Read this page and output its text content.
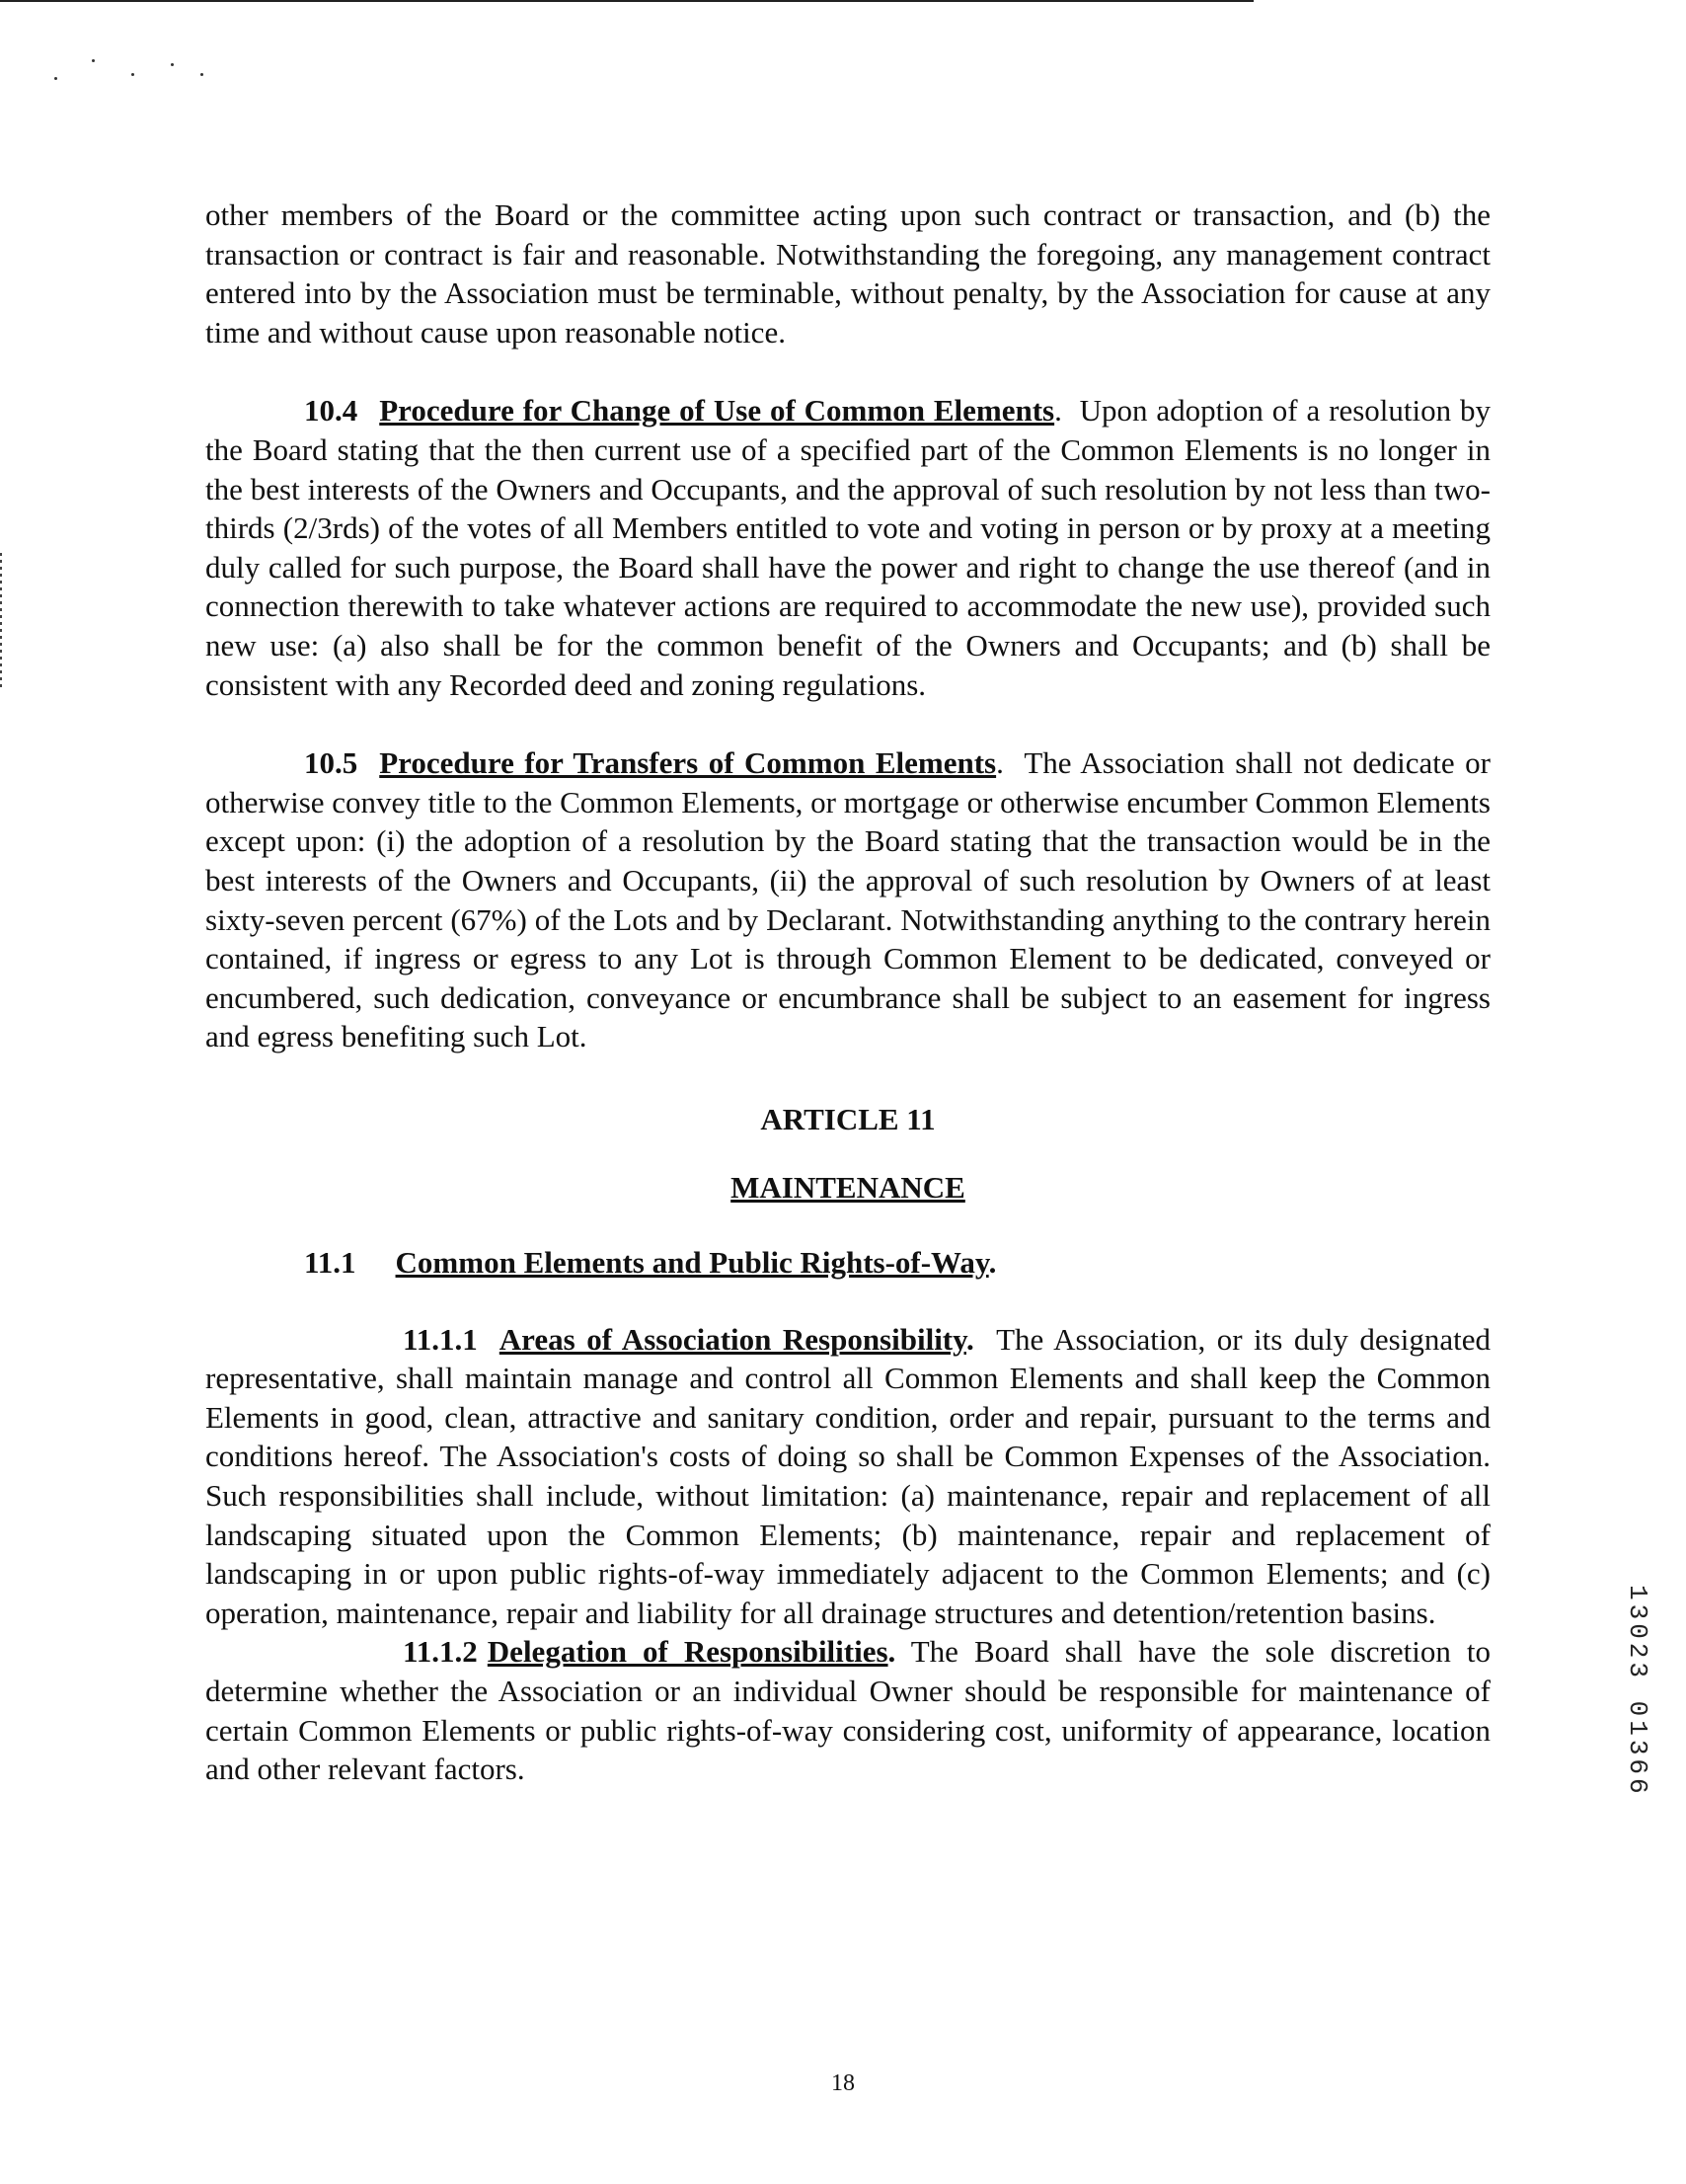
other members of the Board or the committee acting upon such contract or transaction, and (b) the transaction or contract is fair and reasonable. Notwithstanding the foregoing, any management contract entered into by the Association must be terminable, without penalty, by the Association for cause at any time and without cause upon reasonable notice.

10.4 Procedure for Change of Use of Common Elements. Upon adoption of a resolution by the Board stating that the then current use of a specified part of the Common Elements is no longer in the best interests of the Owners and Occupants, and the approval of such resolution by not less than two-thirds (2/3rds) of the votes of all Members entitled to vote and voting in person or by proxy at a meeting duly called for such purpose, the Board shall have the power and right to change the use thereof (and in connection therewith to take whatever actions are required to accommodate the new use), provided such new use: (a) also shall be for the common benefit of the Owners and Occupants; and (b) shall be consistent with any Recorded deed and zoning regulations.

10.5 Procedure for Transfers of Common Elements. The Association shall not dedicate or otherwise convey title to the Common Elements, or mortgage or otherwise encumber Common Elements except upon: (i) the adoption of a resolution by the Board stating that the transaction would be in the best interests of the Owners and Occupants, (ii) the approval of such resolution by Owners of at least sixty-seven percent (67%) of the Lots and by Declarant. Notwithstanding anything to the contrary herein contained, if ingress or egress to any Lot is through Common Element to be dedicated, conveyed or encumbered, such dedication, conveyance or encumbrance shall be subject to an easement for ingress and egress benefiting such Lot.

ARTICLE 11

MAINTENANCE

11.1 Common Elements and Public Rights-of-Way.

11.1.1 Areas of Association Responsibility. The Association, or its duly designated representative, shall maintain manage and control all Common Elements and shall keep the Common Elements in good, clean, attractive and sanitary condition, order and repair, pursuant to the terms and conditions hereof. The Association's costs of doing so shall be Common Expenses of the Association. Such responsibilities shall include, without limitation: (a) maintenance, repair and replacement of all landscaping situated upon the Common Elements; (b) maintenance, repair and replacement of landscaping in or upon public rights-of-way immediately adjacent to the Common Elements; and (c) operation, maintenance, repair and liability for all drainage structures and detention/retention basins.

11.1.2 Delegation of Responsibilities. The Board shall have the sole discretion to determine whether the Association or an individual Owner should be responsible for maintenance of certain Common Elements or public rights-of-way considering cost, uniformity of appearance, location and other relevant factors.	13023 01366
18
